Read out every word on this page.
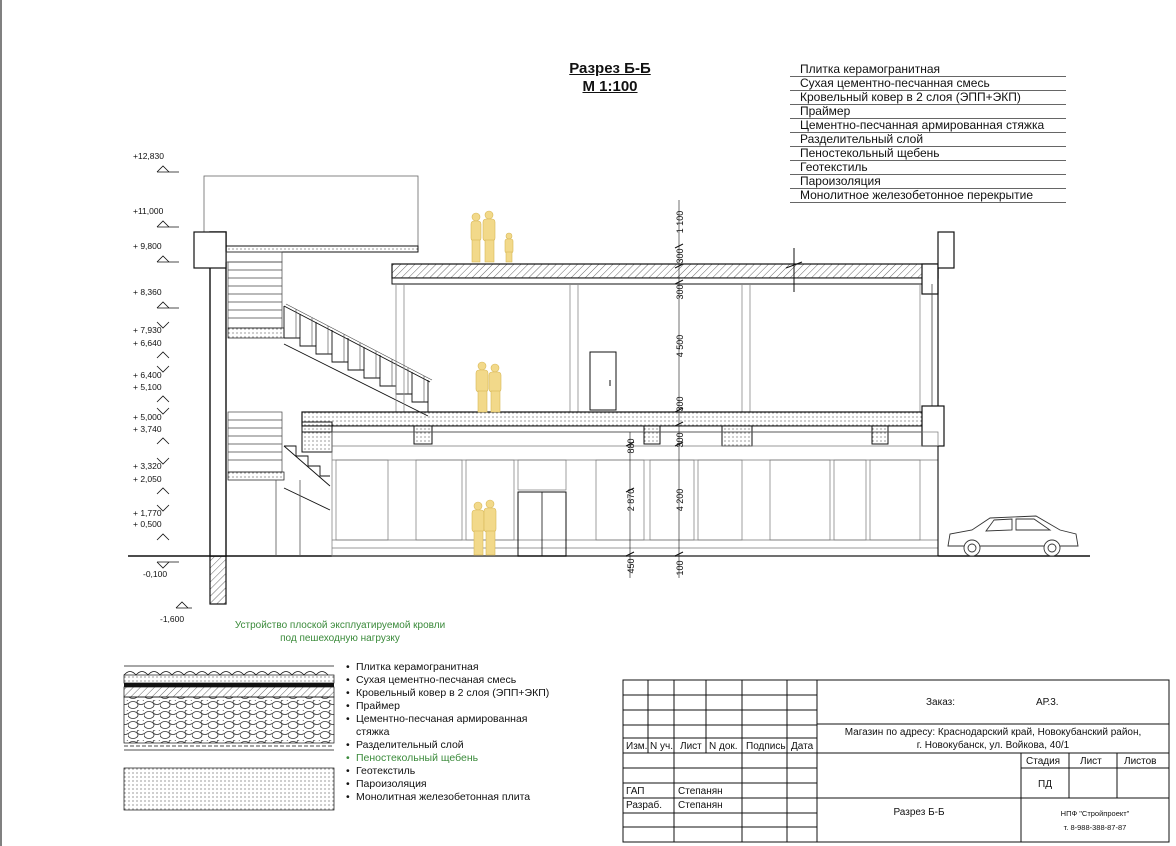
Разрез Б-Б
М 1:100
Плитка керамогранитная
Сухая цементно-песчанная смесь
Кровельный ковер в 2 слоя (ЭПП+ЭКП)
Праймер
Цементно-песчанная армированная стяжка
Разделительный слой
Пеностекольный щебень
Геотекстиль
Пароизоляция
Монолитное железобетонное перекрытие
+12,830
+11,000
+ 9,800
+ 8,360
+ 7,930
+ 6,640
+ 6,400
+ 5,100
+ 5,000
+ 3,740
+ 3,320
+ 2,050
+ 1,770
+ 0,500
-0,100
-1,600
1 100
300
300
4 500
300
300
880
2 870	4 200
450	100
Устройство плоской эксплуатируемой кровли
под пешеходную нагрузку
• Плитка керамогранитная
• Сухая цементно-песчаная смесь
• Кровельный ковер в 2 слоя (ЭПП+ЭКП)
• Праймер
• Цементно-песчаная армированная
стяжка
• Разделительный слой
• Пеностекольный щебень
• Геотекстиль
• Пароизоляция
• Монолитная железобетонная плита
Изм. N уч. Лист N док. Подпись Дата
Заказ:	АР.3.
Магазин по адресу: Краснодарский край, Новокубанский район,
г. Новокубанск, ул. Войкова, 40/1
Стадия Лист Листов
ПД
ГАП	Степанян
Разраб. Степанян
Разрез Б-Б	НПФ "Стройпроект"
т. 8-988-388-87-87
